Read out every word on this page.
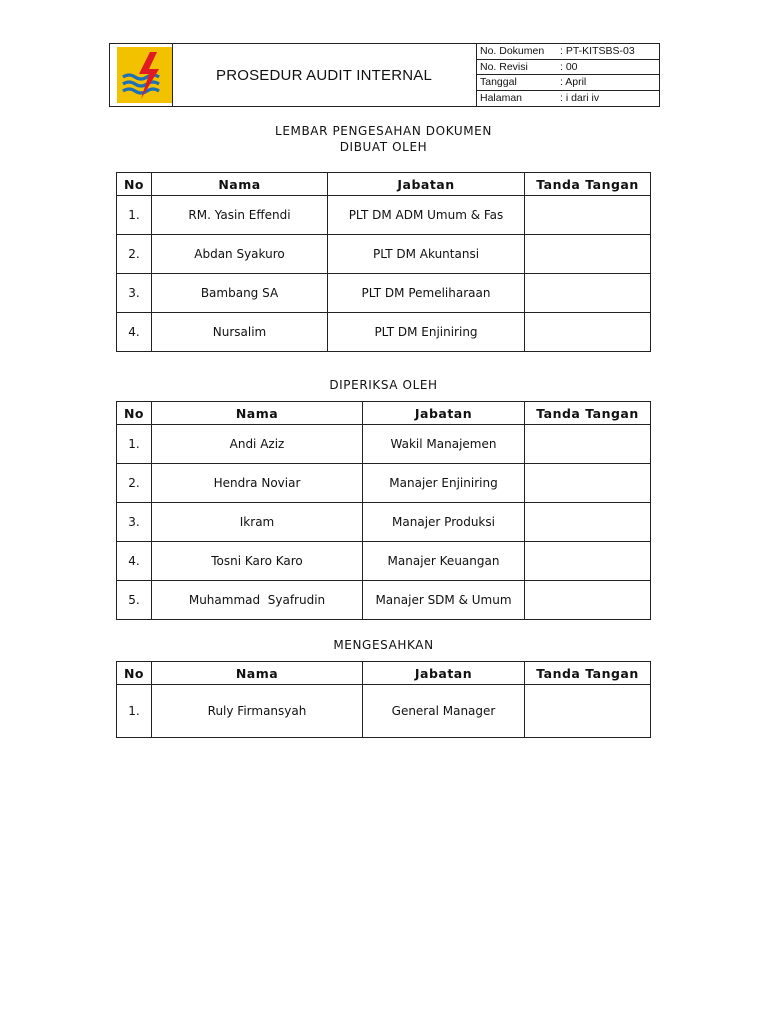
PROSEDUR AUDIT INTERNAL
No. Dokumen	: PT-KITSBS-03
No. Revisi	: 00
Tanggal	: April
Halaman	: i dari iv
LEMBAR PENGESAHAN DOKUMEN
DIBUAT OLEH
No	Nama	Jabatan	Tanda Tangan
1.	RM. Yasin Effendi	PLT DM ADM Umum & Fas	
2.	Abdan Syakuro	PLT DM Akuntansi	
3.	Bambang SA	PLT DM Pemeliharaan	
4.	Nursalim	PLT DM Enjiniring	
DIPERIKSA OLEH
No	Nama	Jabatan	Tanda Tangan
1.	Andi Aziz	Wakil Manajemen	
2.	Hendra Noviar	Manajer Enjiniring	
3.	Ikram	Manajer Produksi	
4.	Tosni Karo Karo	Manajer Keuangan	
5.	Muhammad  Syafrudin	Manajer SDM & Umum	
MENGESAHKAN
No	Nama	Jabatan	Tanda Tangan
1.	Ruly Firmansyah	General Manager	
